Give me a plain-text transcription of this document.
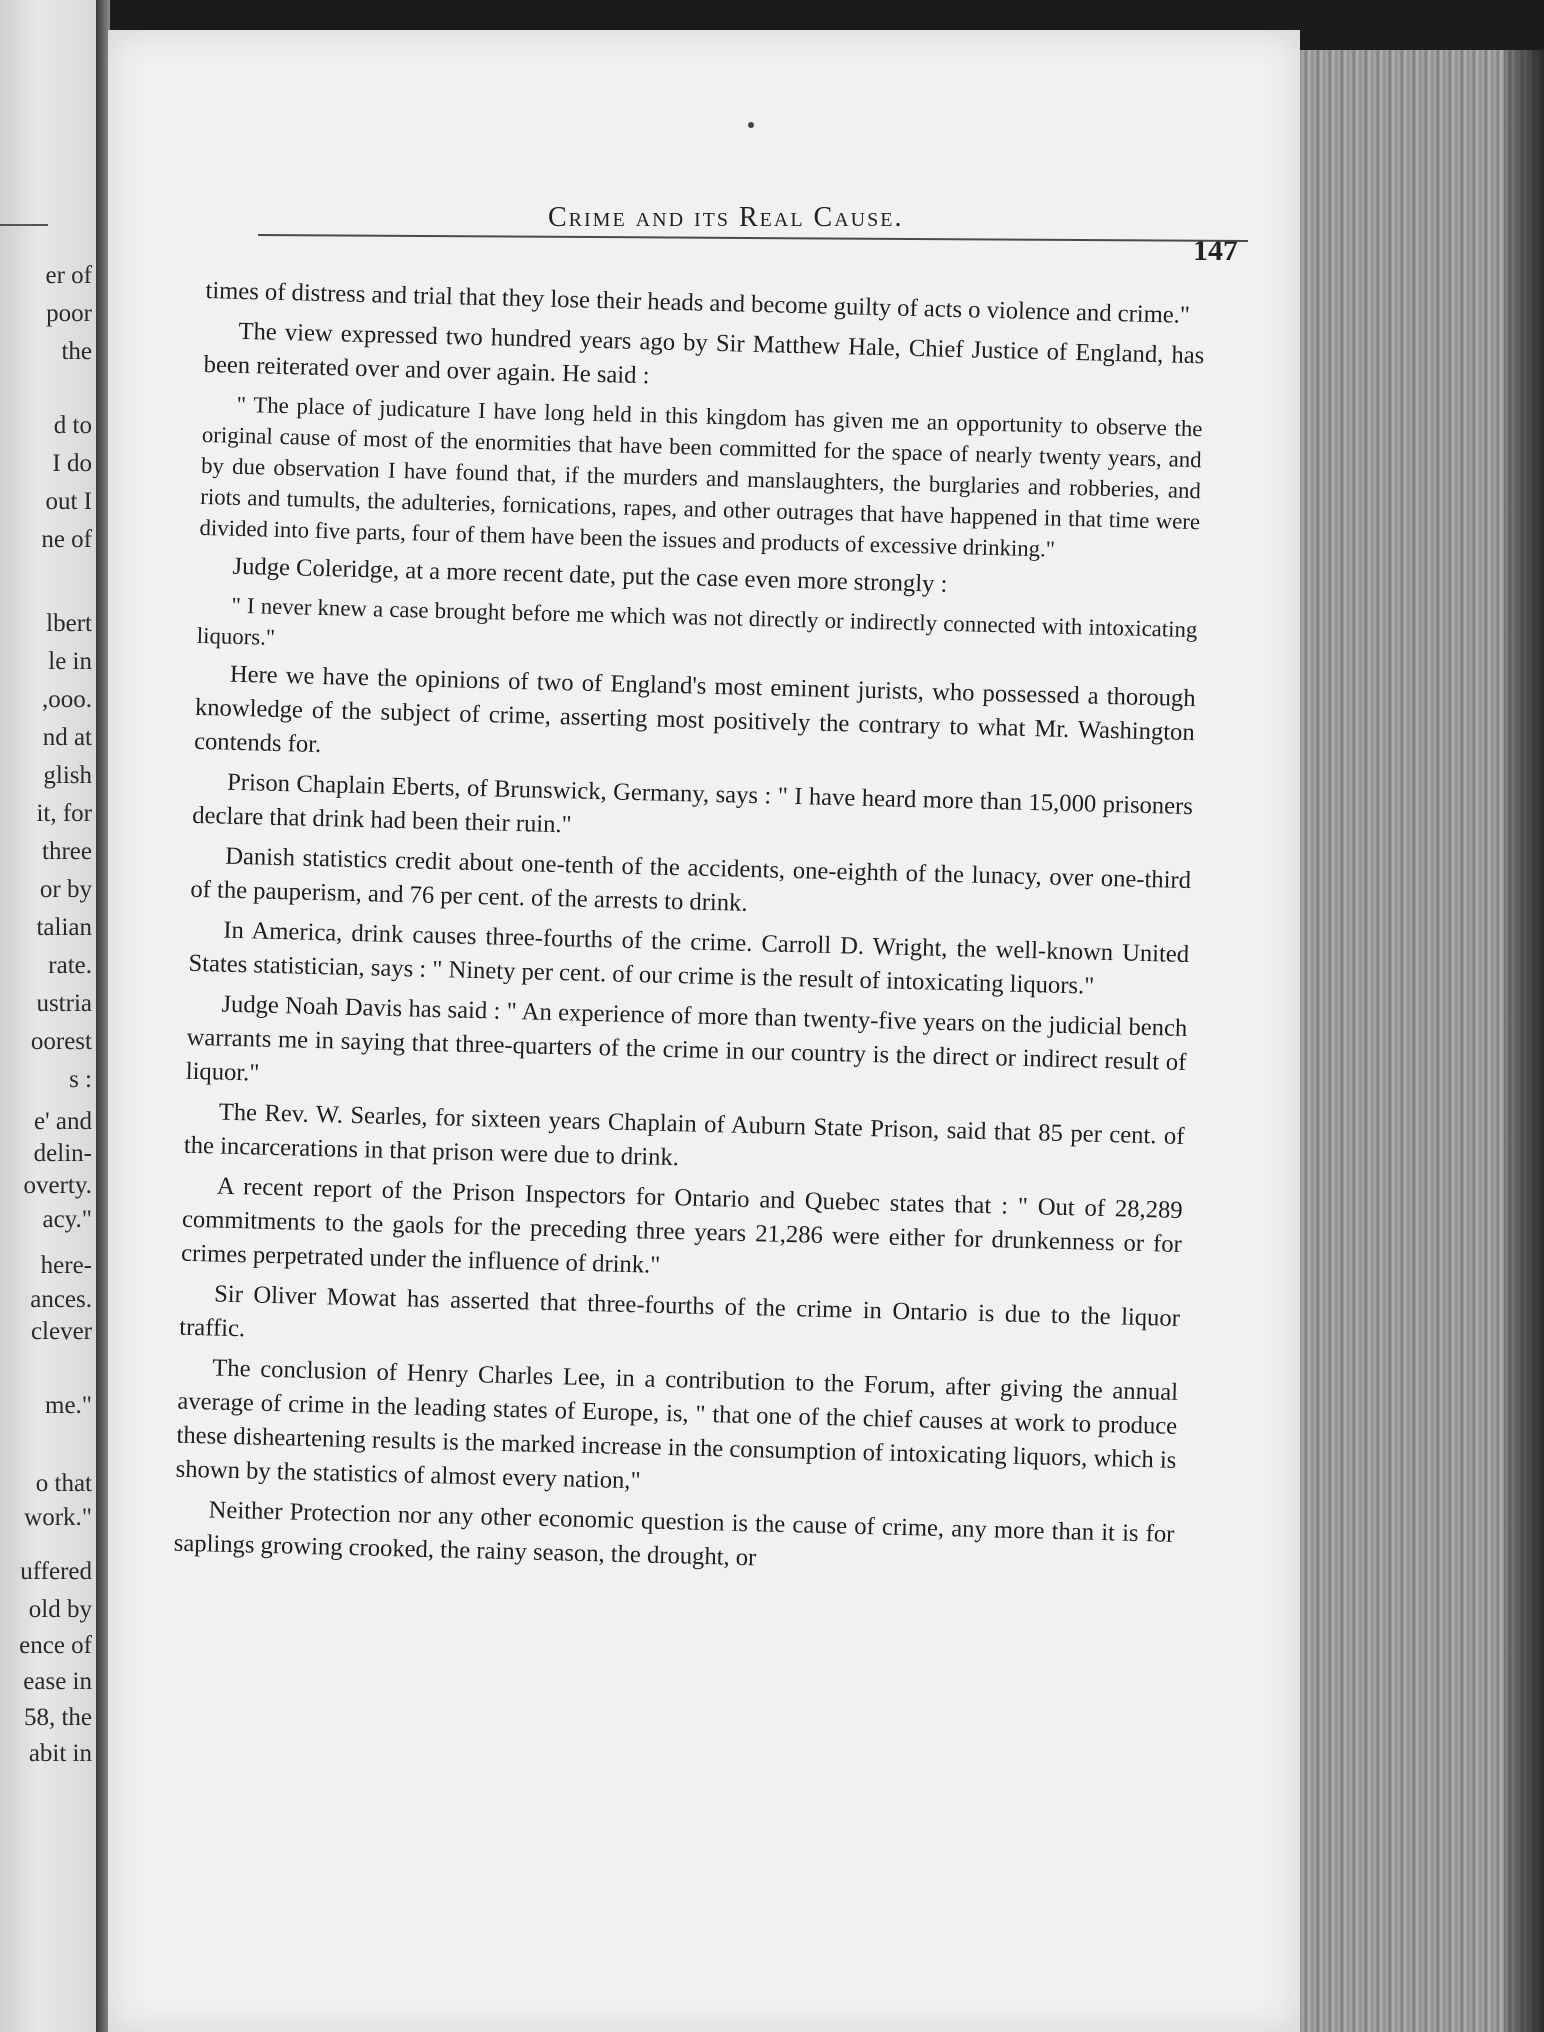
er of
poor
the
d to
I do
out I
ne of
lbert
le in
,ooo.
nd at
glish
it, for
three
or by
talian
rate.
ustria
oorest
s :
e' and
delin-
overty.
acy."
here-
ances.
clever
me."
o that
work."
uffered
old by
ence of
ease in
58, the
abit in
Crime and its Real Cause.
147

times of distress and trial that they lose their heads and become guilty of acts o violence and crime."

The view expressed two hundred years ago by Sir Matthew Hale, Chief Justice of England, has been reiterated over and over again. He said :

" The place of judicature I have long held in this kingdom has given me an opportunity to observe the original cause of most of the enormities that have been committed for the space of nearly twenty years, and by due observation I have found that, if the murders and manslaughters, the burglaries and robberies, and riots and tumults, the adulteries, fornications, rapes, and other outrages that have happened in that time were divided into five parts, four of them have been the issues and products of excessive drinking."

Judge Coleridge, at a more recent date, put the case even more strongly :

" I never knew a case brought before me which was not directly or indirectly connected with intoxicating liquors."

Here we have the opinions of two of England's most eminent jurists, who possessed a thorough knowledge of the subject of crime, asserting most positively the contrary to what Mr. Washington contends for.

Prison Chaplain Eberts, of Brunswick, Germany, says : " I have heard more than 15,000 prisoners declare that drink had been their ruin."

Danish statistics credit about one-tenth of the accidents, one-eighth of the lunacy, over one-third of the pauperism, and 76 per cent. of the arrests to drink.

In America, drink causes three-fourths of the crime. Carroll D. Wright, the well-known United States statistician, says : " Ninety per cent. of our crime is the result of intoxicating liquors."

Judge Noah Davis has said : " An experience of more than twenty-five years on the judicial bench warrants me in saying that three-quarters of the crime in our country is the direct or indirect result of liquor."

The Rev. W. Searles, for sixteen years Chaplain of Auburn State Prison, said that 85 per cent. of the incarcerations in that prison were due to drink.

A recent report of the Prison Inspectors for Ontario and Quebec states that : " Out of 28,289 commitments to the gaols for the preceding three years 21,286 were either for drunkenness or for crimes perpetrated under the influence of drink."

Sir Oliver Mowat has asserted that three-fourths of the crime in Ontario is due to the liquor traffic.

The conclusion of Henry Charles Lee, in a contribution to the Forum, after giving the annual average of crime in the leading states of Europe, is, " that one of the chief causes at work to produce these disheartening results is the marked increase in the consumption of intoxicating liquors, which is shown by the statistics of almost every nation,"

Neither Protection nor any other economic question is the cause of crime, any more than it is for saplings growing crooked, the rainy season, the drought, or
